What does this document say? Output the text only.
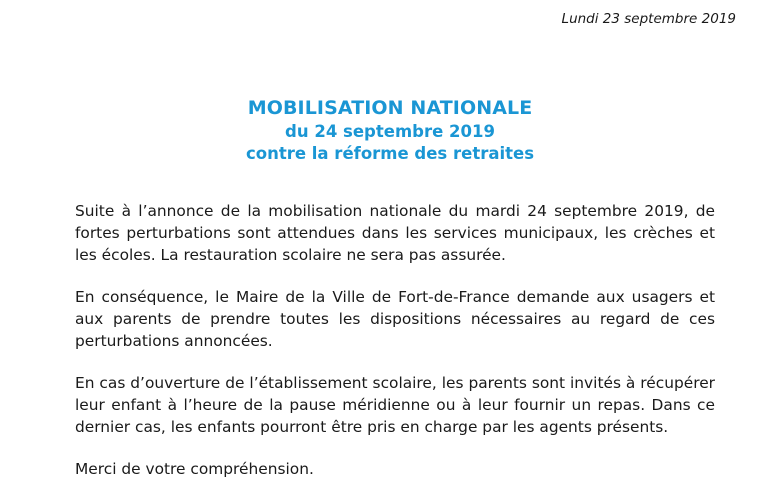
Lundi 23 septembre 2019
MOBILISATION NATIONALE
du 24 septembre 2019
contre la réforme des retraites

Suite à l’annonce de la mobilisation nationale du mardi 24 septembre 2019, de fortes perturbations sont attendues dans les services municipaux, les crèches et les écoles. La restauration scolaire ne sera pas assurée.

En conséquence, le Maire de la Ville de Fort-de-France demande aux usagers et aux parents de prendre toutes les dispositions nécessaires au regard de ces perturbations annoncées.

En cas d’ouverture de l’établissement scolaire, les parents sont invités à récupérer leur enfant à l’heure de la pause méridienne ou à leur fournir un repas. Dans ce dernier cas, les enfants pourront être pris en charge par les agents présents.

Merci de votre compréhension.
